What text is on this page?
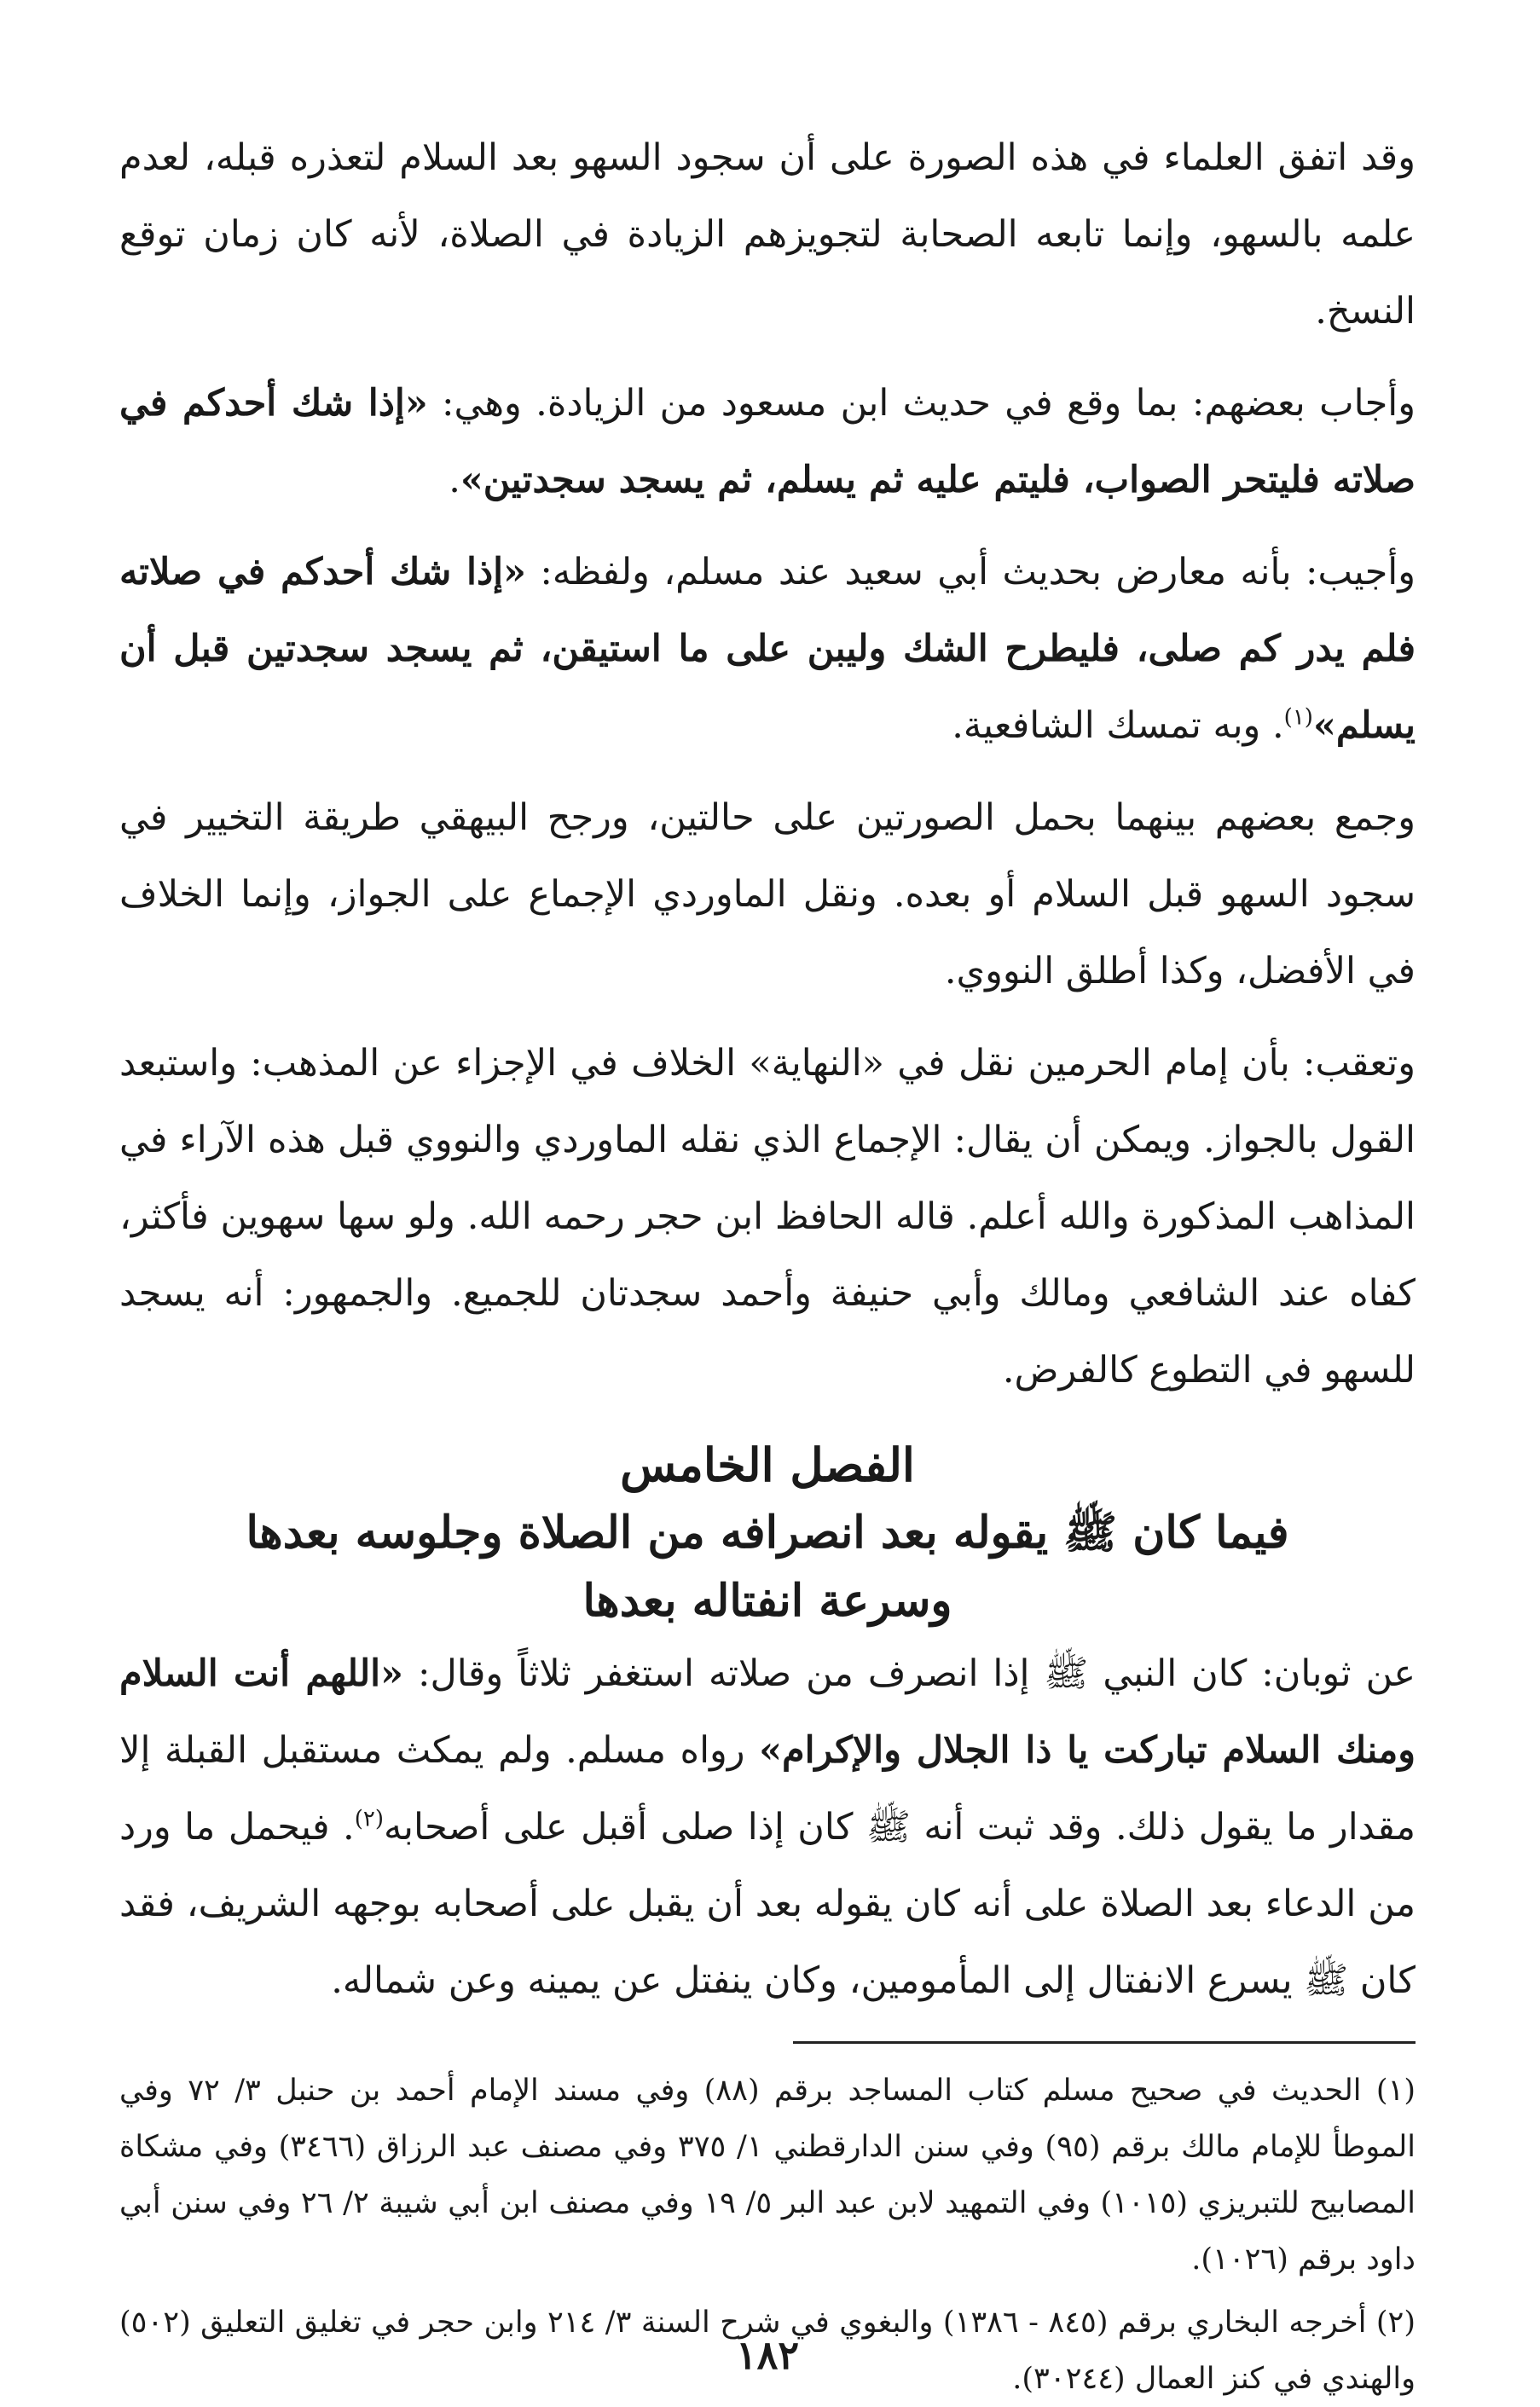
وقد اتفق العلماء في هذه الصورة على أن سجود السهو بعد السلام لتعذره قبله، لعدم علمه بالسهو، وإنما تابعه الصحابة لتجويزهم الزيادة في الصلاة، لأنه كان زمان توقع النسخ.

وأجاب بعضهم: بما وقع في حديث ابن مسعود من الزيادة. وهي: «إذا شك أحدكم في صلاته فليتحر الصواب، فليتم عليه ثم يسلم، ثم يسجد سجدتين».

وأجيب: بأنه معارض بحديث أبي سعيد عند مسلم، ولفظه: «إذا شك أحدكم في صلاته فلم يدر كم صلى، فليطرح الشك وليبن على ما استيقن، ثم يسجد سجدتين قبل أن يسلم»$^{(١)}$. وبه تمسك الشافعية.

وجمع بعضهم بينهما بحمل الصورتين على حالتين، ورجح البيهقي طريقة التخيير في سجود السهو قبل السلام أو بعده. ونقل الماوردي الإجماع على الجواز، وإنما الخلاف في الأفضل، وكذا أطلق النووي.

وتعقب: بأن إمام الحرمين نقل في «النهاية» الخلاف في الإجزاء عن المذهب: واستبعد القول بالجواز. ويمكن أن يقال: الإجماع الذي نقله الماوردي والنووي قبل هذه الآراء في المذاهب المذكورة والله أعلم. قاله الحافظ ابن حجر رحمه الله. ولو سها سهوين فأكثر، كفاه عند الشافعي ومالك وأبي حنيفة وأحمد سجدتان للجميع. والجمهور: أنه يسجد للسهو في التطوع كالفرض.

الفصل الخامس

فيما كان ﷺ يقوله بعد انصرافه من الصلاة وجلوسه بعدها

وسرعة انفتاله بعدها

عن ثوبان: كان النبي ﷺ إذا انصرف من صلاته استغفر ثلاثاً وقال: «اللهم أنت السلام ومنك السلام تباركت يا ذا الجلال والإكرام» رواه مسلم. ولم يمكث مستقبل القبلة إلا مقدار ما يقول ذلك. وقد ثبت أنه ﷺ كان إذا صلى أقبل على أصحابه$^{(٢)}$. فيحمل ما ورد من الدعاء بعد الصلاة على أنه كان يقوله بعد أن يقبل على أصحابه بوجهه الشريف، فقد كان ﷺ يسرع الانفتال إلى المأمومين، وكان ينفتل عن يمينه وعن شماله.

(١) الحديث في صحيح مسلم كتاب المساجد برقم (٨٨) وفي مسند الإمام أحمد بن حنبل ٣/ ٧٢ وفي الموطأ للإمام مالك برقم (٩٥) وفي سنن الدارقطني ١/ ٣٧٥ وفي مصنف عبد الرزاق (٣٤٦٦) وفي مشكاة المصابيح للتبريزي (١٠١٥) وفي التمهيد لابن عبد البر ٥/ ١٩ وفي مصنف ابن أبي شيبة ٢/ ٢٦ وفي سنن أبي داود برقم (١٠٢٦).

(٢) أخرجه البخاري برقم (٨٤٥ - ١٣٨٦) والبغوي في شرح السنة ٣/ ٢١٤ وابن حجر في تغليق التعليق (٥٠٢) والهندي في كنز العمال (٣٠٢٤٤).

١٨٢
